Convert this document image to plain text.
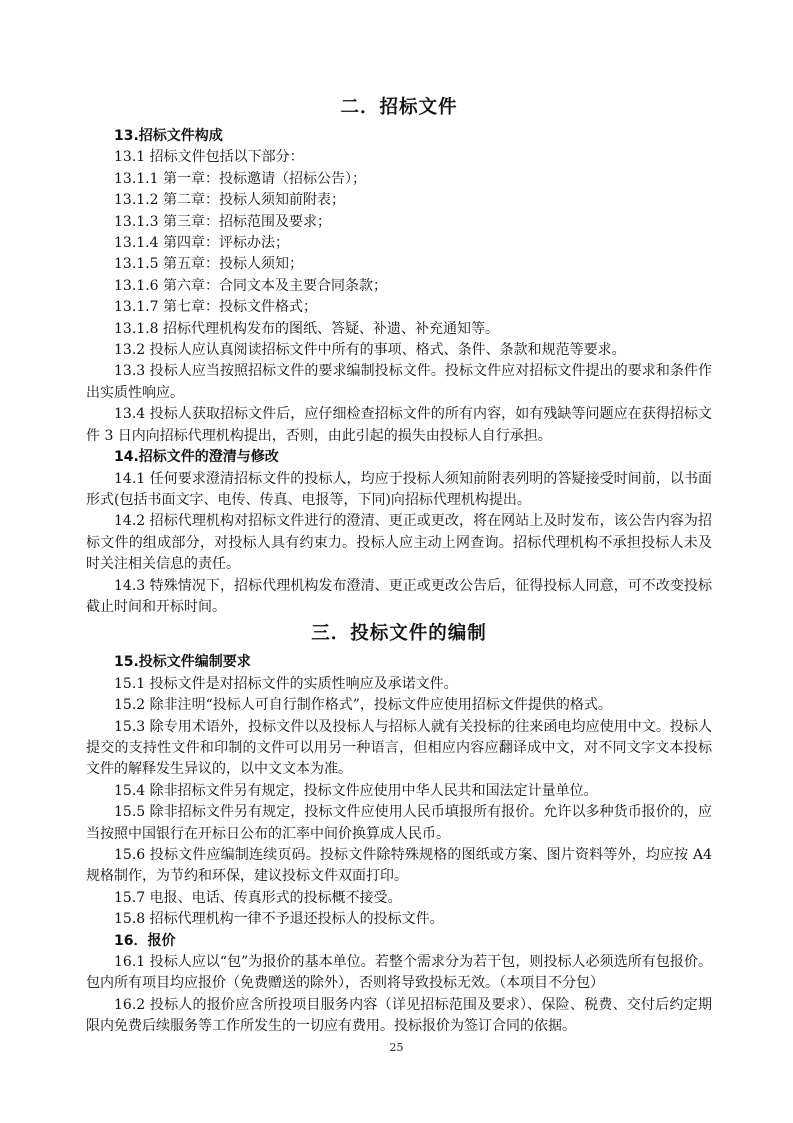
二．招标文件
13.招标文件构成
13.1 招标文件包括以下部分：
13.1.1 第一章：投标邀请（招标公告）；
13.1.2 第二章：投标人须知前附表；
13.1.3 第三章：招标范围及要求；
13.1.4 第四章：评标办法；
13.1.5 第五章：投标人须知；
13.1.6 第六章：合同文本及主要合同条款；
13.1.7 第七章：投标文件格式；
13.1.8 招标代理机构发布的图纸、答疑、补遗、补充通知等。
13.2 投标人应认真阅读招标文件中所有的事项、格式、条件、条款和规范等要求。
13.3 投标人应当按照招标文件的要求编制投标文件。投标文件应对招标文件提出的要求和条件作出实质性响应。
13.4 投标人获取招标文件后，应仔细检查招标文件的所有内容，如有残缺等问题应在获得招标文件 3 日内向招标代理机构提出，否则，由此引起的损失由投标人自行承担。
14.招标文件的澄清与修改
14.1 任何要求澄清招标文件的投标人，均应于投标人须知前附表列明的答疑接受时间前，以书面形式(包括书面文字、电传、传真、电报等，下同)向招标代理机构提出。
14.2 招标代理机构对招标文件进行的澄清、更正或更改，将在网站上及时发布，该公告内容为招标文件的组成部分，对投标人具有约束力。投标人应主动上网查询。招标代理机构不承担投标人未及时关注相关信息的责任。
14.3 特殊情况下，招标代理机构发布澄清、更正或更改公告后，征得投标人同意，可不改变投标截止时间和开标时间。
三．投标文件的编制
15.投标文件编制要求
15.1 投标文件是对招标文件的实质性响应及承诺文件。
15.2 除非注明“投标人可自行制作格式”，投标文件应使用招标文件提供的格式。
15.3 除专用术语外，投标文件以及投标人与招标人就有关投标的往来函电均应使用中文。投标人提交的支持性文件和印制的文件可以用另一种语言，但相应内容应翻译成中文，对不同文字文本投标文件的解释发生异议的，以中文文本为准。
15.4 除非招标文件另有规定，投标文件应使用中华人民共和国法定计量单位。
15.5 除非招标文件另有规定，投标文件应使用人民币填报所有报价。允许以多种货币报价的，应当按照中国银行在开标日公布的汇率中间价换算成人民币。
15.6 投标文件应编制连续页码。投标文件除特殊规格的图纸或方案、图片资料等外，均应按 A4 规格制作，为节约和环保，建议投标文件双面打印。
15.7 电报、电话、传真形式的投标概不接受。
15.8 招标代理机构一律不予退还投标人的投标文件。
16．报价
16.1 投标人应以“包”为报价的基本单位。若整个需求分为若干包，则投标人必须选所有包报价。包内所有项目均应报价（免费赠送的除外），否则将导致投标无效。（本项目不分包）
16.2 投标人的报价应含所投项目服务内容（详见招标范围及要求）、保险、税费、交付后约定期限内免费后续服务等工作所发生的一切应有费用。投标报价为签订合同的依据。
25
